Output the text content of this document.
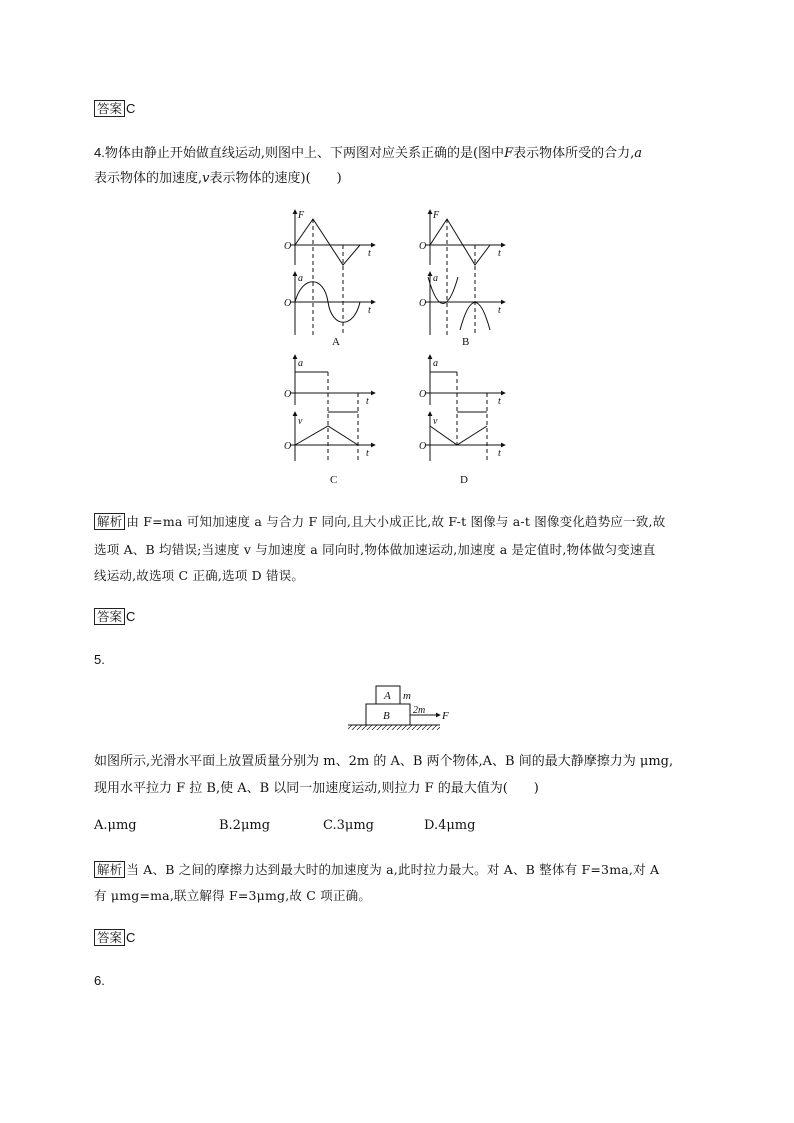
答案 C
4.物体由静止开始做直线运动,则图中上、下两图对应关系正确的是(图中F表示物体所受的合力,a
表示物体的加速度,v表示物体的速度)(　　)
F
O
t
a
O
t
F
O
t
a
O
t
a
O
t
v
O
t
a
O
t
v
O
t
A	B
C	D
解析 由 F=ma 可知加速度 a 与合力 F 同向,且大小成正比,故 F-t 图像与 a-t 图像变化趋势应一致,故
选项 A、B 均错误;当速度 v 与加速度 a 同向时,物体做加速运动,加速度 a 是定值时,物体做匀变速直
线运动,故选项 C 正确,选项 D 错误。
答案 C
5.
A m
B 2m F
如图所示,光滑水平面上放置质量分别为 m、2m 的 A、B 两个物体,A、B 间的最大静摩擦力为 μmg,
现用水平拉力 F 拉 B,使 A、B 以同一加速度运动,则拉力 F 的最大值为(　　)
A.μmg	B.2μmg	C.3μmg	D.4μmg
解析 当 A、B 之间的摩擦力达到最大时的加速度为 a,此时拉力最大。对 A、B 整体有 F=3ma,对 A
有 μmg=ma,联立解得 F=3μmg,故 C 项正确。
答案 C
6.
